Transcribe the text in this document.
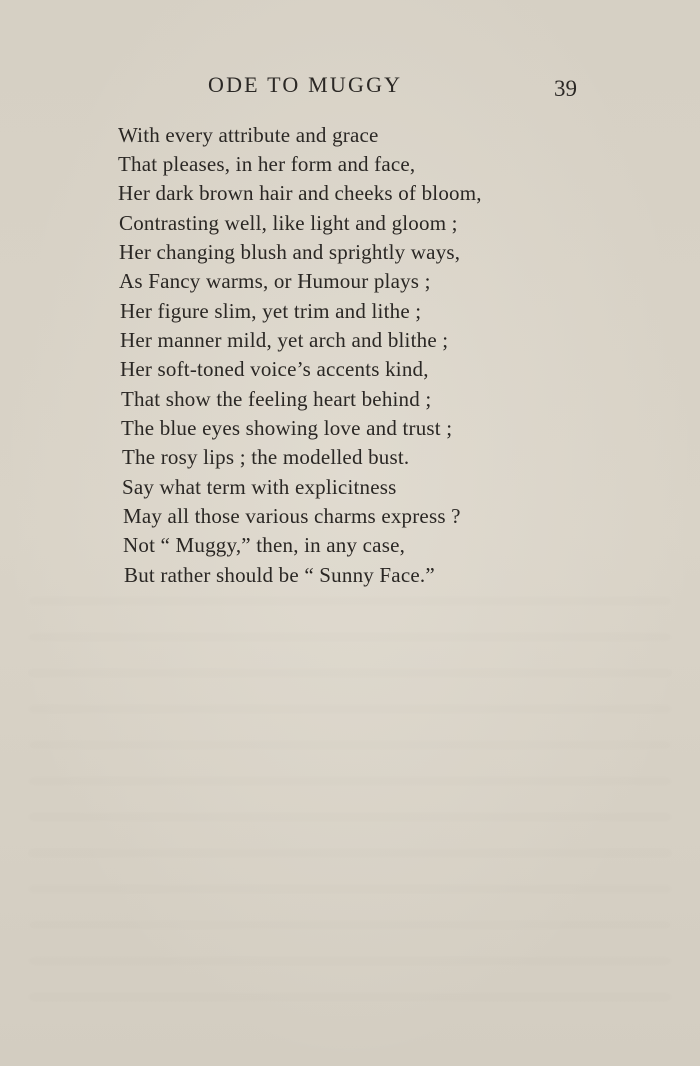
ODE TO MUGGY	39
With every attribute and grace
That pleases, in her form and face,
Her dark brown hair and cheeks of bloom,
Contrasting well, like light and gloom ;
Her changing blush and sprightly ways,
As Fancy warms, or Humour plays ;
Her figure slim, yet trim and lithe ;
Her manner mild, yet arch and blithe ;
Her soft-toned voice’s accents kind,
That show the feeling heart behind ;
The blue eyes showing love and trust ;
The rosy lips ; the modelled bust.
Say what term with explicitness
May all those various charms express ?
Not “ Muggy,” then, in any case,
But rather should be “ Sunny Face.”
